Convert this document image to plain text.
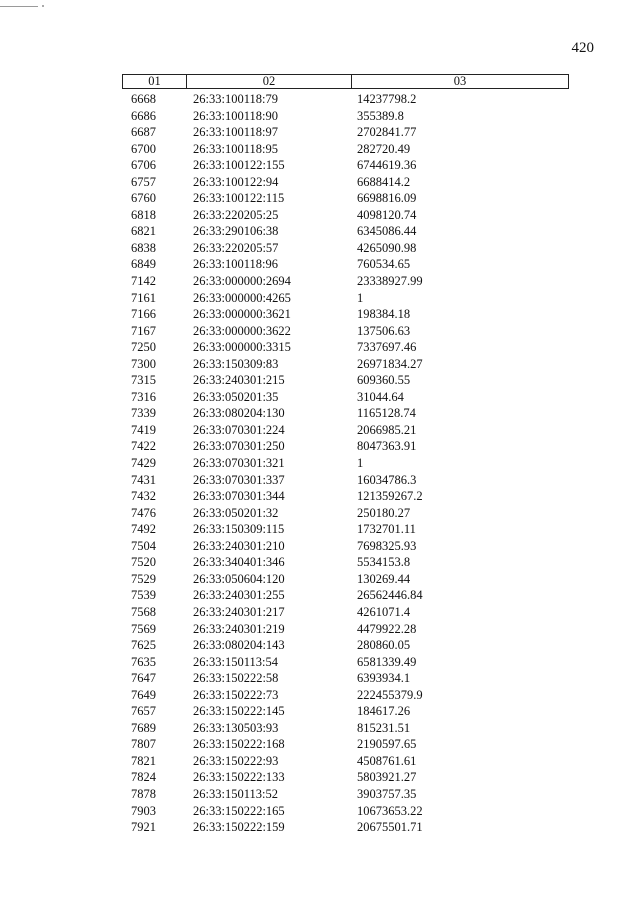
420
01	02	03
6668	26:33:100118:79	14237798.2
6686	26:33:100118:90	355389.8
6687	26:33:100118:97	2702841.77
6700	26:33:100118:95	282720.49
6706	26:33:100122:155	6744619.36
6757	26:33:100122:94	6688414.2
6760	26:33:100122:115	6698816.09
6818	26:33:220205:25	4098120.74
6821	26:33:290106:38	6345086.44
6838	26:33:220205:57	4265090.98
6849	26:33:100118:96	760534.65
7142	26:33:000000:2694	23338927.99
7161	26:33:000000:4265	1
7166	26:33:000000:3621	198384.18
7167	26:33:000000:3622	137506.63
7250	26:33:000000:3315	7337697.46
7300	26:33:150309:83	26971834.27
7315	26:33:240301:215	609360.55
7316	26:33:050201:35	31044.64
7339	26:33:080204:130	1165128.74
7419	26:33:070301:224	2066985.21
7422	26:33:070301:250	8047363.91
7429	26:33:070301:321	1
7431	26:33:070301:337	16034786.3
7432	26:33:070301:344	121359267.2
7476	26:33:050201:32	250180.27
7492	26:33:150309:115	1732701.11
7504	26:33:240301:210	7698325.93
7520	26:33:340401:346	5534153.8
7529	26:33:050604:120	130269.44
7539	26:33:240301:255	26562446.84
7568	26:33:240301:217	4261071.4
7569	26:33:240301:219	4479922.28
7625	26:33:080204:143	280860.05
7635	26:33:150113:54	6581339.49
7647	26:33:150222:58	6393934.1
7649	26:33:150222:73	222455379.9
7657	26:33:150222:145	184617.26
7689	26:33:130503:93	815231.51
7807	26:33:150222:168	2190597.65
7821	26:33:150222:93	4508761.61
7824	26:33:150222:133	5803921.27
7878	26:33:150113:52	3903757.35
7903	26:33:150222:165	10673653.22
7921	26:33:150222:159	20675501.71
